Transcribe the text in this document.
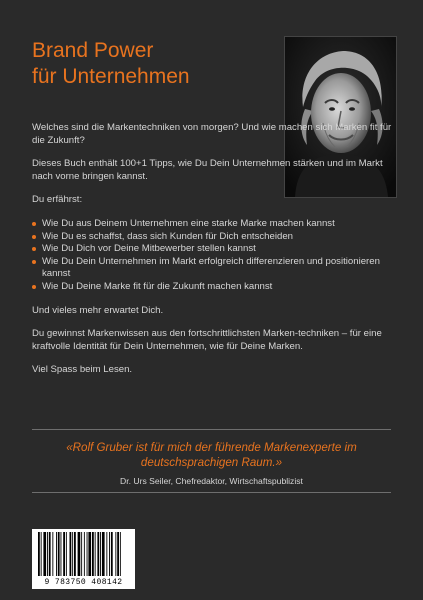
Brand Power
für Unternehmen

Welches sind die Markentechniken von morgen? Und wie machen sich Marken fit für die Zukunft?

Dieses Buch enthält 100+1 Tipps, wie Du Dein Unternehmen stärken und im Markt nach vorne bringen kannst.

Du erfährst:

Wie Du aus Deinem Unternehmen eine starke Marke machen kannst
Wie Du es schaffst, dass sich Kunden für Dich entscheiden
Wie Du Dich vor Deine Mitbewerber stellen kannst
Wie Du Dein Unternehmen im Markt erfolgreich differenzieren und positionieren kannst
Wie Du Deine Marke fit für die Zukunft machen kannst

Und vieles mehr erwartet Dich.

Du gewinnst Markenwissen aus den fortschrittlichsten Marken-techniken – für eine kraftvolle Identität für Dein Unternehmen, wie für Deine Marken.

Viel Spass beim Lesen.

«Rolf Gruber ist für mich der führende Markenexperte im deutschsprachigen Raum.»
Dr. Urs Seiler, Chefredaktor, Wirtschaftspublizist
9 783750 408142
